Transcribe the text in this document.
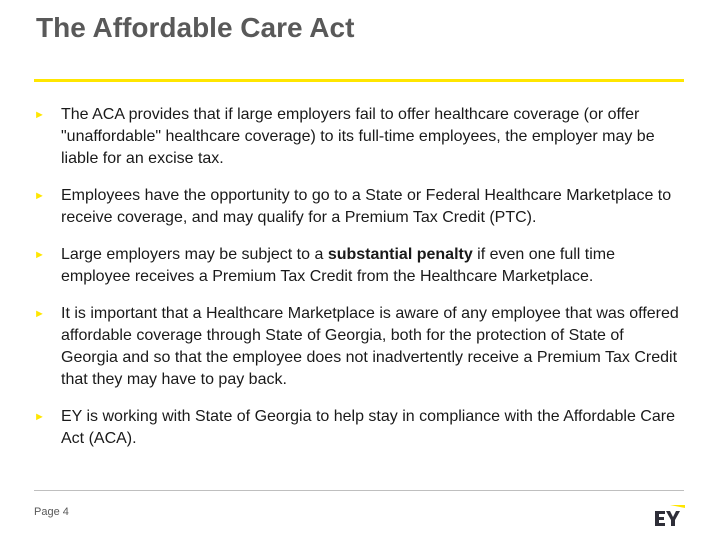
The Affordable Care Act
►	The ACA provides that if large employers fail to offer healthcare coverage (or offer "unaffordable" healthcare coverage) to its full-time employees, the employer may be liable for an excise tax.
►	Employees have the opportunity to go to a State or Federal Healthcare Marketplace to receive coverage, and may qualify for a Premium Tax Credit (PTC).
►	Large employers may be subject to a substantial penalty if even one full time employee receives a Premium Tax Credit from the Healthcare Marketplace.
►	It is important that a Healthcare Marketplace is aware of any employee that was offered affordable coverage through State of Georgia, both for the protection of State of Georgia and so that the employee does not inadvertently receive a Premium Tax Credit that they may have to pay back.
►	EY is working with State of Georgia to help stay in compliance with the Affordable Care Act (ACA).
Page 4
